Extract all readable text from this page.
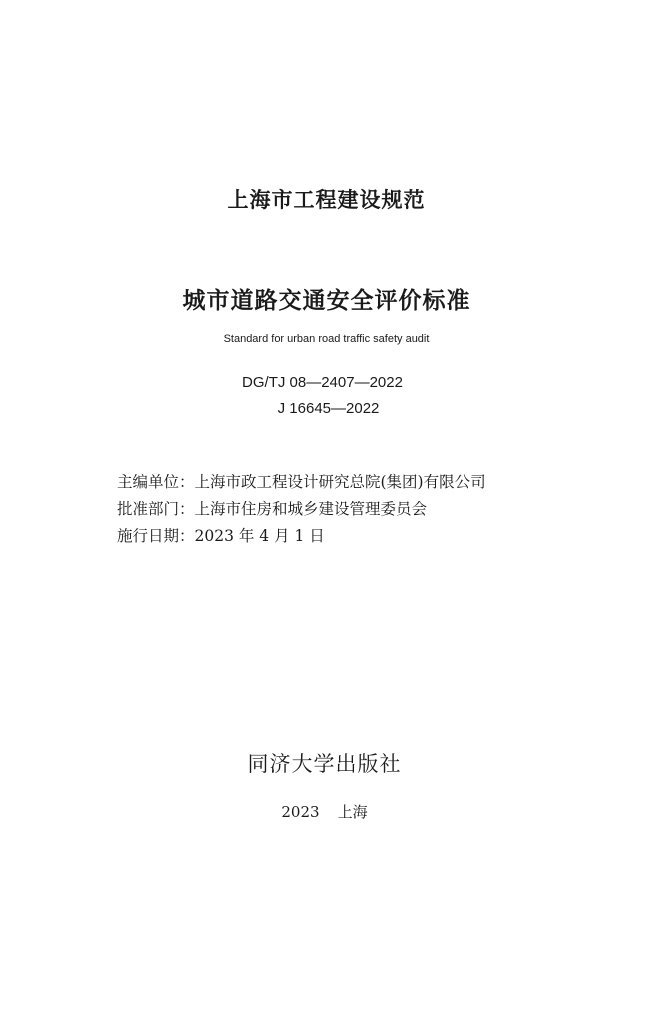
上海市工程建设规范
城市道路交通安全评价标准
Standard for urban road traffic safety audit
DG/TJ 08—2407—2022
J 16645—2022
主编单位：上海市政工程设计研究总院(集团)有限公司
批准部门：上海市住房和城乡建设管理委员会
施行日期：2023 年 4 月 1 日
同济大学出版社
2023 上海
